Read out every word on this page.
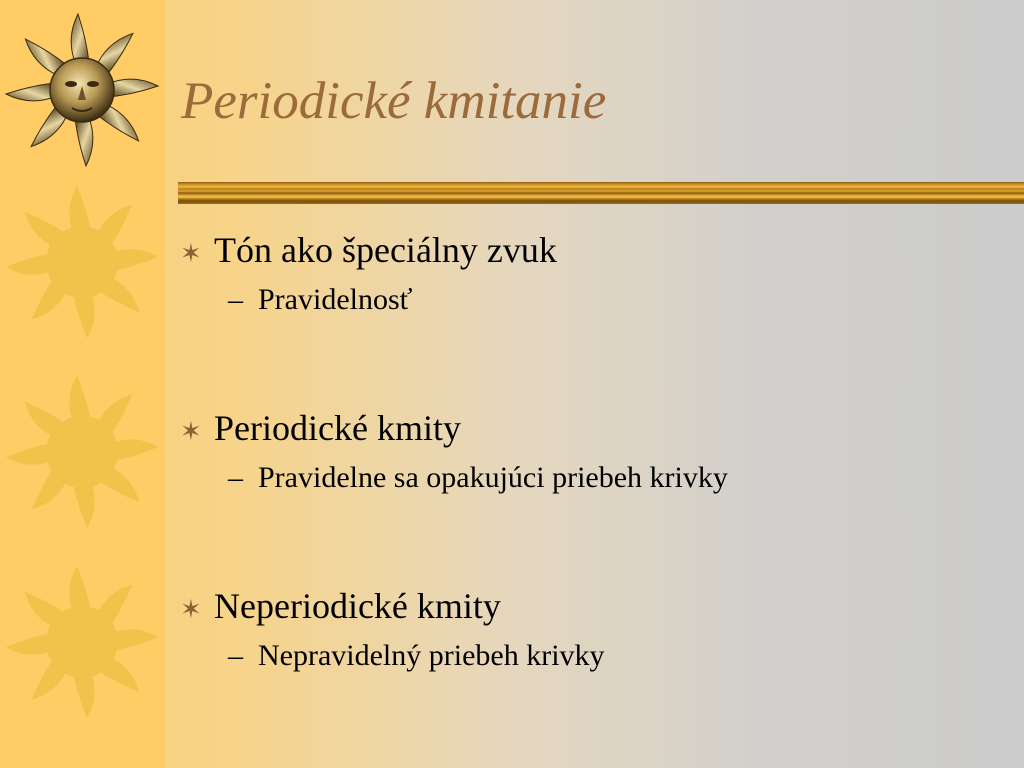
Periodické kmitanie
✶ Tón ako špeciálny zvuk
– Pravidelnosť
✶ Periodické kmity
– Pravidelne sa opakujúci priebeh krivky
✶ Neperiodické kmity
– Nepravidelný priebeh krivky
